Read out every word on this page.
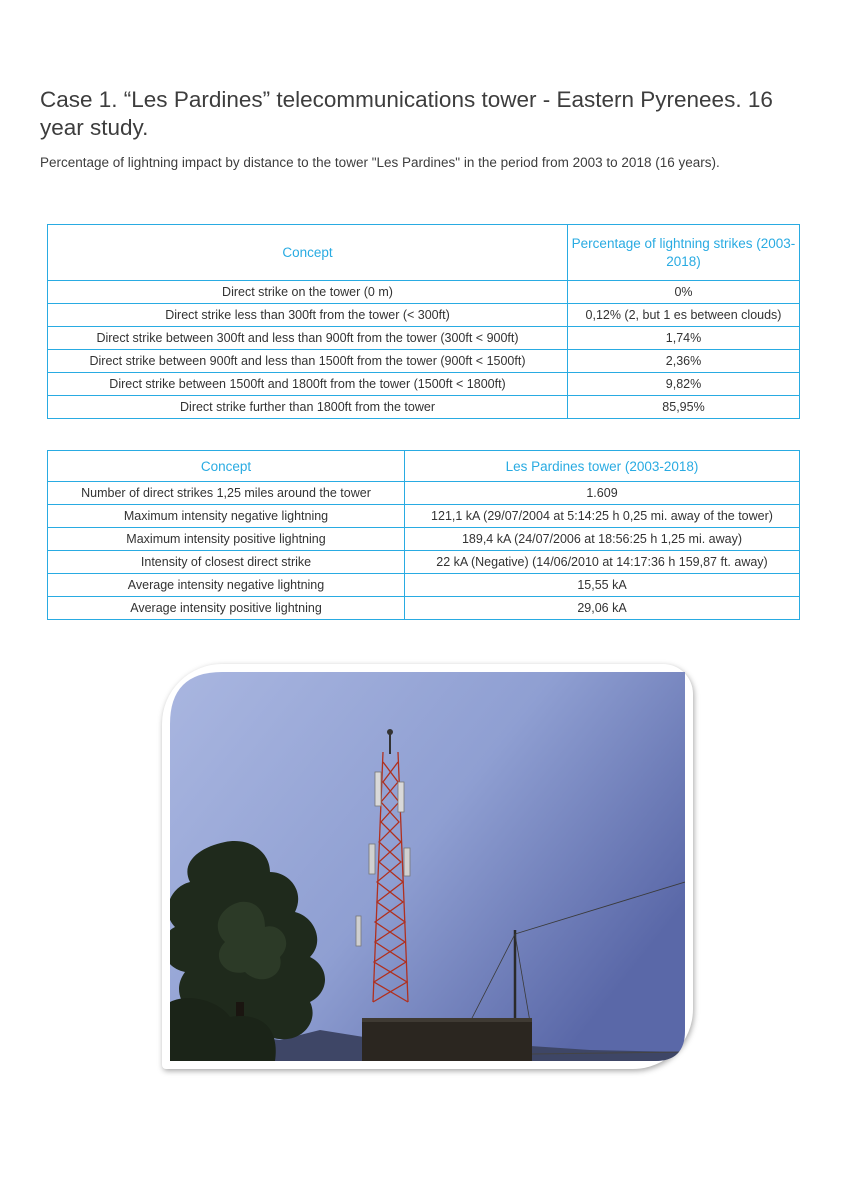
Case 1. “Les Pardines” telecommunications tower - Eastern Pyrenees. 16 year study.

Percentage of lightning impact by distance to the tower "Les Pardines" in the period from 2003 to 2018 (16 years).

Concept	Percentage of lightning strikes (2003-2018)
Direct strike on the tower (0 m)	0%
Direct strike less than 300ft from the tower (< 300ft)	0,12% (2, but 1 es between clouds)
Direct strike between 300ft and less than 900ft from the tower (300ft < 900ft)	1,74%
Direct strike between 900ft and less than 1500ft from the tower (900ft < 1500ft)	2,36%
Direct strike between 1500ft and 1800ft from the tower (1500ft < 1800ft)	9,82%
Direct strike further than 1800ft from the tower	85,95%
Concept	Les Pardines tower (2003-2018)
Number of direct strikes 1,25 miles around the tower	1.609
Maximum intensity negative lightning	121,1 kA (29/07/2004 at 5:14:25 h 0,25 mi. away of the tower)
Maximum intensity positive lightning	189,4 kA (24/07/2006 at 18:56:25 h 1,25 mi. away)
Intensity of closest direct strike	22 kA (Negative) (14/06/2010 at 14:17:36 h 159,87 ft. away)
Average intensity negative lightning	15,55 kA
Average intensity positive lightning	29,06 kA
